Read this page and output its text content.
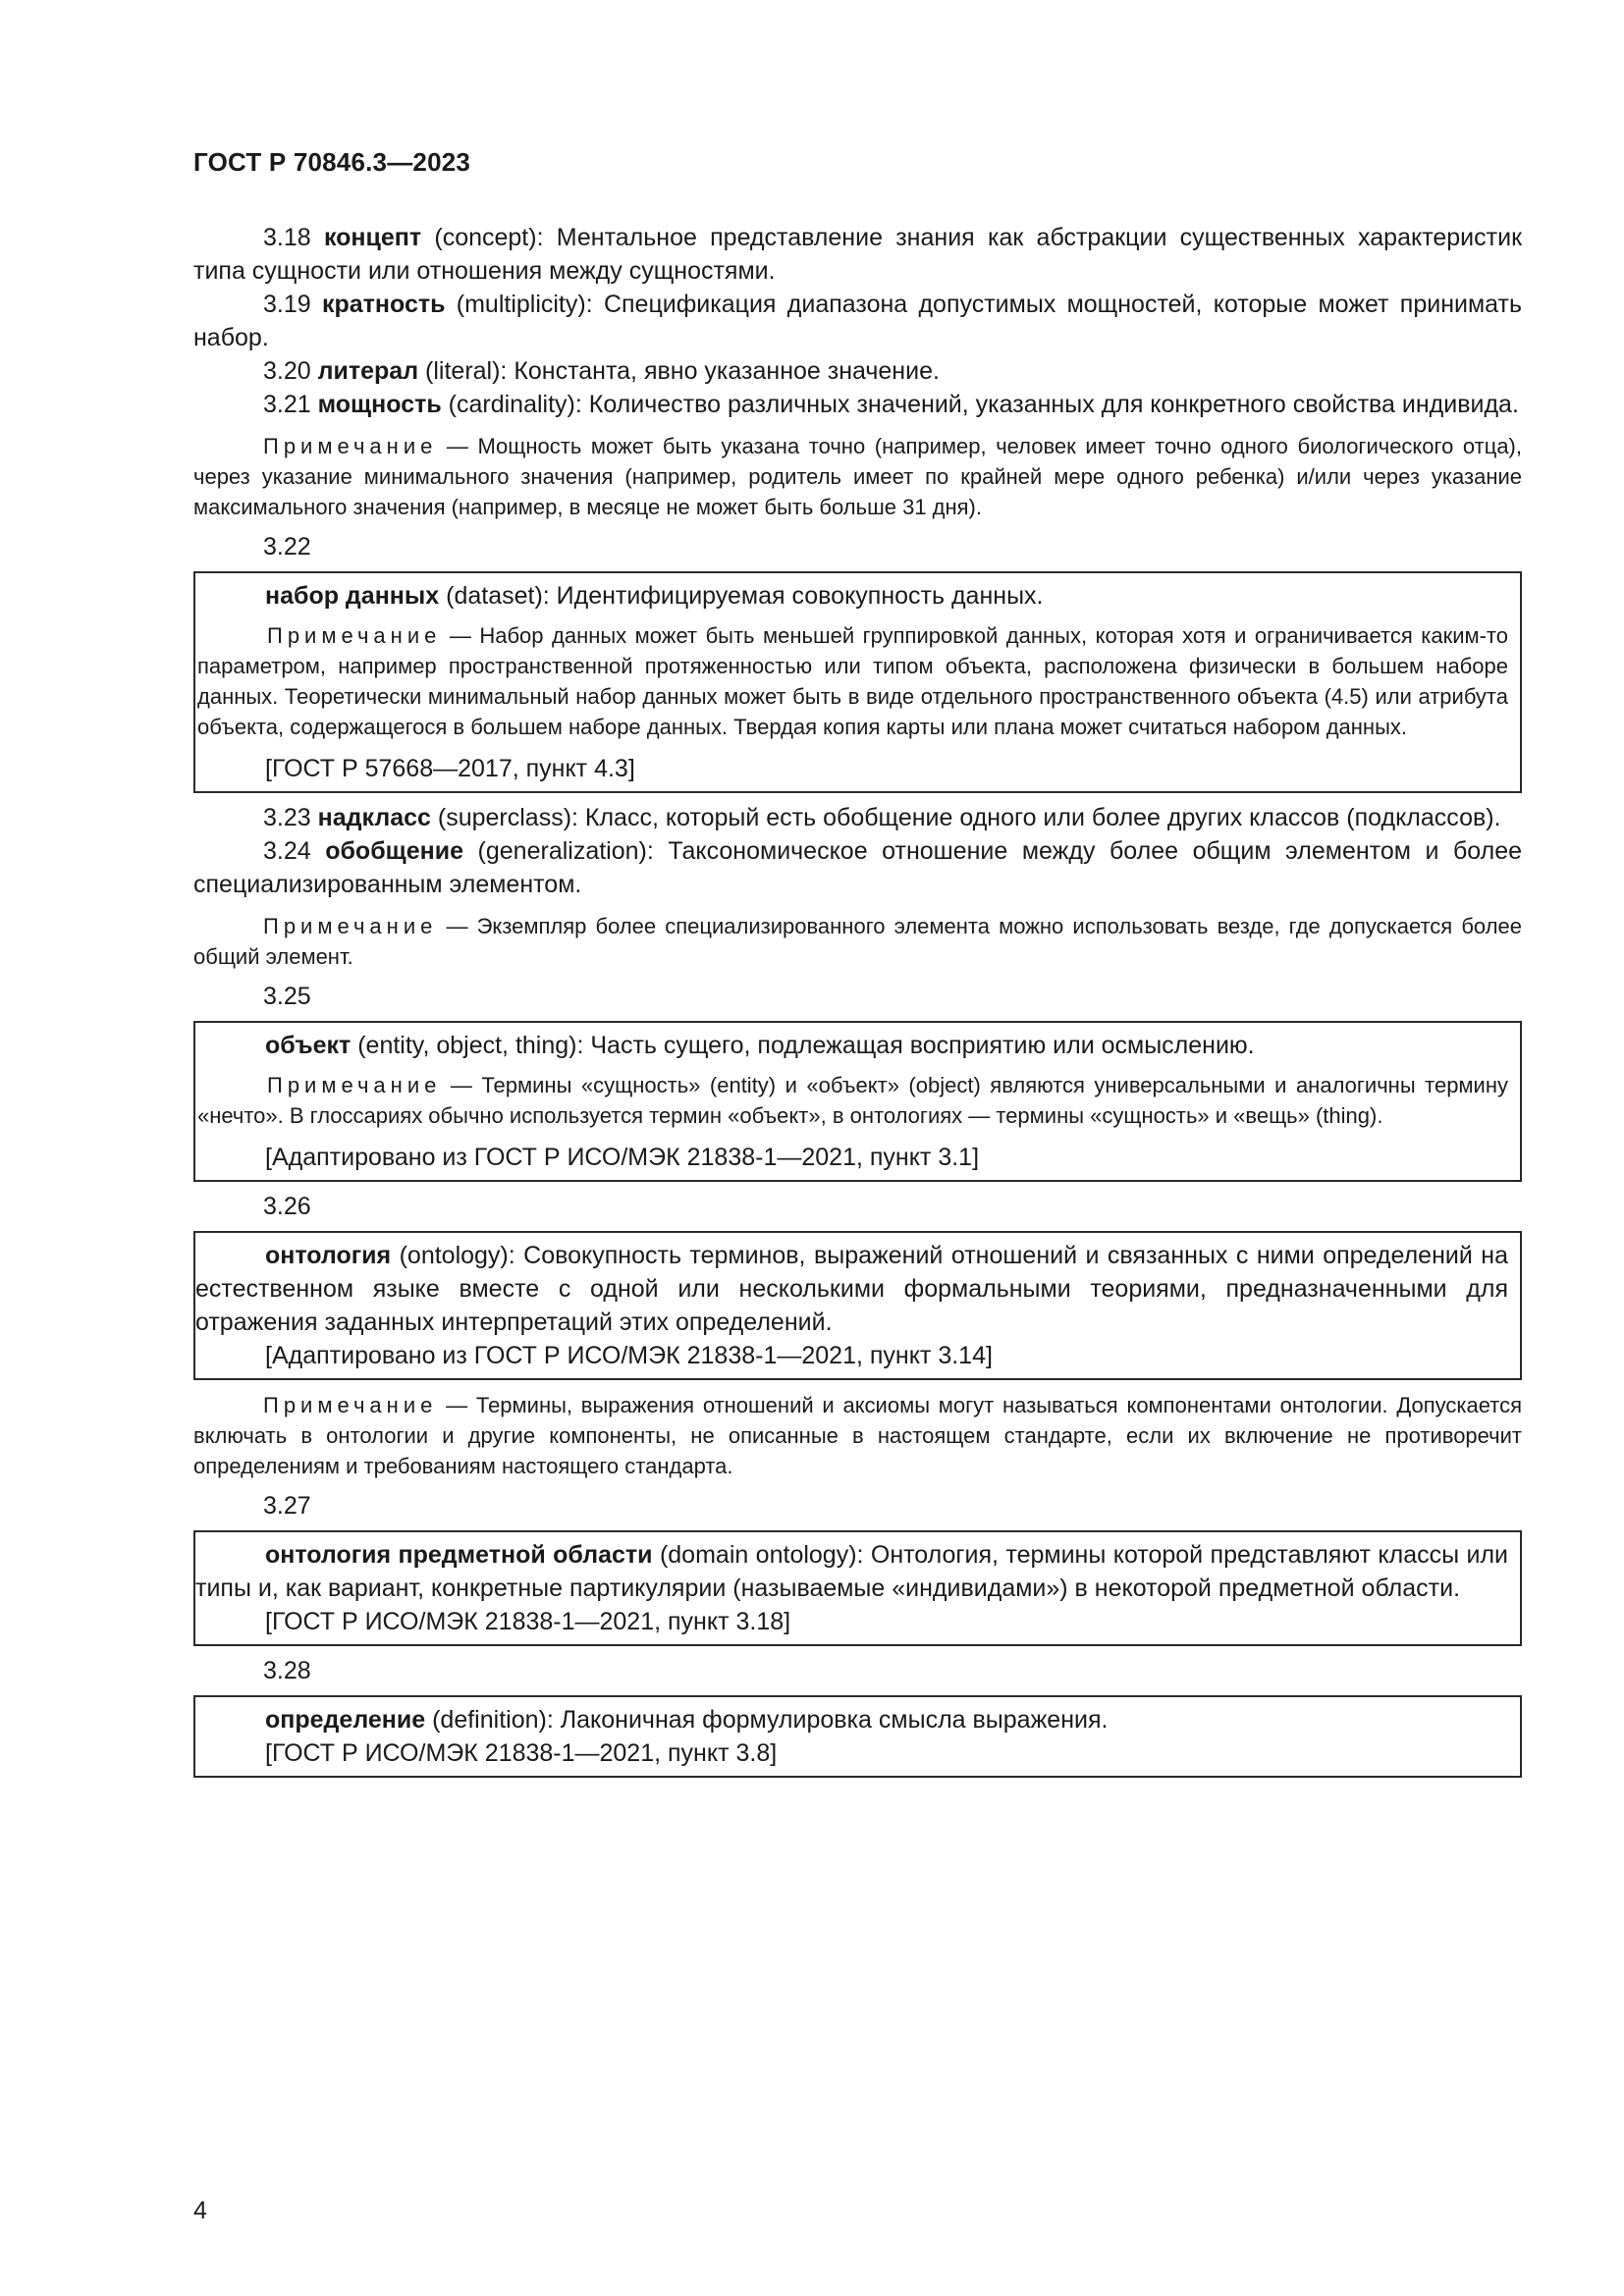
ГОСТ Р 70846.3—2023

3.18 концепт (concept): Ментальное представление знания как абстракции существенных характеристик типа сущности или отношения между сущностями.

3.19 кратность (multiplicity): Спецификация диапазона допустимых мощностей, которые может принимать набор.

3.20 литерал (literal): Константа, явно указанное значение.

3.21 мощность (cardinality): Количество различных значений, указанных для конкретного свойства индивида.

Примечание — Мощность может быть указана точно (например, человек имеет точно одного биологического отца), через указание минимального значения (например, родитель имеет по крайней мере одного ребенка) и/или через указание максимального значения (например, в месяце не может быть больше 31 дня).

3.22

набор данных (dataset): Идентифицируемая совокупность данных.

Примечание — Набор данных может быть меньшей группировкой данных, которая хотя и ограничивается каким-то параметром, например пространственной протяженностью или типом объекта, расположена физически в большем наборе данных. Теоретически минимальный набор данных может быть в виде отдельного пространственного объекта (4.5) или атрибута объекта, содержащегося в большем наборе данных. Твердая копия карты или плана может считаться набором данных.

[ГОСТ Р 57668—2017, пункт 4.3]

3.23 надкласс (superclass): Класс, который есть обобщение одного или более других классов (подклассов).

3.24 обобщение (generalization): Таксономическое отношение между более общим элементом и более специализированным элементом.

Примечание — Экземпляр более специализированного элемента можно использовать везде, где допускается более общий элемент.

3.25

объект (entity, object, thing): Часть сущего, подлежащая восприятию или осмыслению.

Примечание — Термины «сущность» (entity) и «объект» (object) являются универсальными и аналогичны термину «нечто». В глоссариях обычно используется термин «объект», в онтологиях — термины «сущность» и «вещь» (thing).

[Адаптировано из ГОСТ Р ИСО/МЭК 21838-1—2021, пункт 3.1]

3.26

онтология (ontology): Совокупность терминов, выражений отношений и связанных с ними определений на естественном языке вместе с одной или несколькими формальными теориями, предназначенными для отражения заданных интерпретаций этих определений.

[Адаптировано из ГОСТ Р ИСО/МЭК 21838-1—2021, пункт 3.14]

Примечание — Термины, выражения отношений и аксиомы могут называться компонентами онтологии. Допускается включать в онтологии и другие компоненты, не описанные в настоящем стандарте, если их включение не противоречит определениям и требованиям настоящего стандарта.

3.27

онтология предметной области (domain ontology): Онтология, термины которой представляют классы или типы и, как вариант, конкретные партикулярии (называемые «индивидами») в некоторой предметной области.

[ГОСТ Р ИСО/МЭК 21838-1—2021, пункт 3.18]

3.28

определение (definition): Лаконичная формулировка смысла выражения.

[ГОСТ Р ИСО/МЭК 21838-1—2021, пункт 3.8]

4
